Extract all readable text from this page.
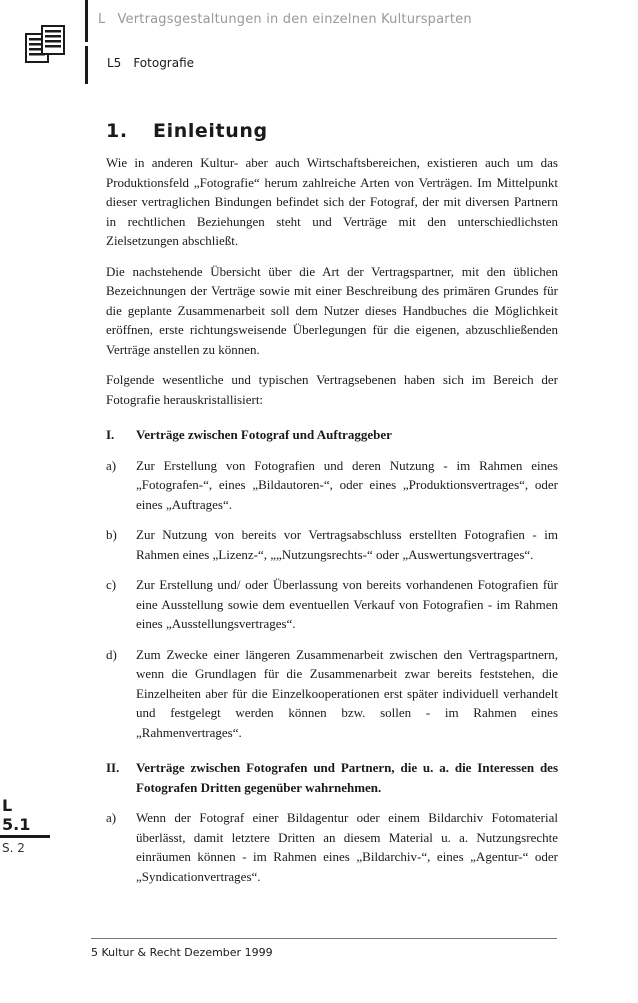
L Vertragsgestaltungen in den einzelnen Kultursparten
L5 Fotografie
L
5.1
S. 2
1.	Einleitung

Wie in anderen Kultur- aber auch Wirtschaftsbereichen, existieren auch um das Produktionsfeld „Fotografie“ herum zahlreiche Arten von Verträgen. Im Mittelpunkt dieser vertraglichen Bindungen befindet sich der Fotograf, der mit diversen Partnern in rechtlichen Beziehungen steht und Verträge mit den unterschiedlichsten Zielsetzungen abschließt.

Die nachstehende Übersicht über die Art der Vertragspartner, mit den üblichen Bezeichnungen der Verträge sowie mit einer Beschreibung des primären Grundes für die geplante Zusammenarbeit soll dem Nutzer dieses Handbuches die Möglichkeit eröffnen, erste richtungsweisende Überlegungen für die eigenen, abzuschließenden Verträge anstellen zu können.

Folgende wesentliche und typischen Vertragsebenen haben sich im Bereich der Fotografie herauskristallisiert:

I.	Verträge zwischen Fotograf und Auftraggeber
a)	Zur Erstellung von Fotografien und deren Nutzung - im Rahmen eines „Fotografen-“, eines „Bildautoren-“, oder eines „Produktionsvertrages“, oder eines „Auftrages“.
b)	Zur Nutzung von bereits vor Vertragsabschluss erstellten Fotografien - im Rahmen eines „Lizenz-“, „„Nutzungsrechts-“ oder „Auswertungsvertrages“.
c)	Zur Erstellung und/ oder Überlassung von bereits vorhandenen Fotografien für eine Ausstellung sowie dem eventuellen Verkauf von Fotografien - im Rahmen eines „Ausstellungsvertrages“.
d)	Zum Zwecke einer längeren Zusammenarbeit zwischen den Vertragspartnern, wenn die Grundlagen für die Zusammenarbeit zwar bereits feststehen, die Einzelheiten aber für die Einzelkooperationen erst später individuell verhandelt und festgelegt werden können bzw. sollen - im Rahmen eines „Rahmenvertrages“.
II.	Verträge zwischen Fotografen und Partnern, die u. a. die Interessen des Fotografen Dritten gegenüber wahrnehmen.
a)	Wenn der Fotograf einer Bildagentur oder einem Bildarchiv Fotomaterial überlässt, damit letztere Dritten an diesem Material u. a. Nutzungsrechte einräumen können - im Rahmen eines „Bildarchiv-“, eines „Agentur-“ oder „Syndicationvertrages“.
5 Kultur & Recht Dezember 1999
